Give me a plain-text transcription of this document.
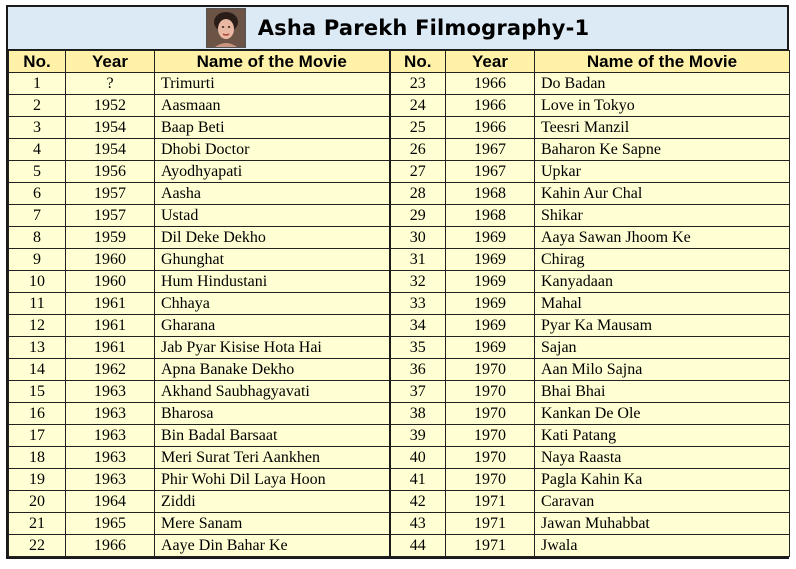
Asha Parekh Filmography-1
No.	Year	Name of the Movie	No.	Year	Name of the Movie
1	?	Trimurti	23	1966	Do Badan
2	1952	Aasmaan	24	1966	Love in Tokyo
3	1954	Baap Beti	25	1966	Teesri Manzil
4	1954	Dhobi Doctor	26	1967	Baharon Ke Sapne
5	1956	Ayodhyapati	27	1967	Upkar
6	1957	Aasha	28	1968	Kahin Aur Chal
7	1957	Ustad	29	1968	Shikar
8	1959	Dil Deke Dekho	30	1969	Aaya Sawan Jhoom Ke
9	1960	Ghunghat	31	1969	Chirag
10	1960	Hum Hindustani	32	1969	Kanyadaan
11	1961	Chhaya	33	1969	Mahal
12	1961	Gharana	34	1969	Pyar Ka Mausam
13	1961	Jab Pyar Kisise Hota Hai	35	1969	Sajan
14	1962	Apna Banake Dekho	36	1970	Aan Milo Sajna
15	1963	Akhand Saubhagyavati	37	1970	Bhai Bhai
16	1963	Bharosa	38	1970	Kankan De Ole
17	1963	Bin Badal Barsaat	39	1970	Kati Patang
18	1963	Meri Surat Teri Aankhen	40	1970	Naya Raasta
19	1963	Phir Wohi Dil Laya Hoon	41	1970	Pagla Kahin Ka
20	1964	Ziddi	42	1971	Caravan
21	1965	Mere Sanam	43	1971	Jawan Muhabbat
22	1966	Aaye Din Bahar Ke	44	1971	Jwala
